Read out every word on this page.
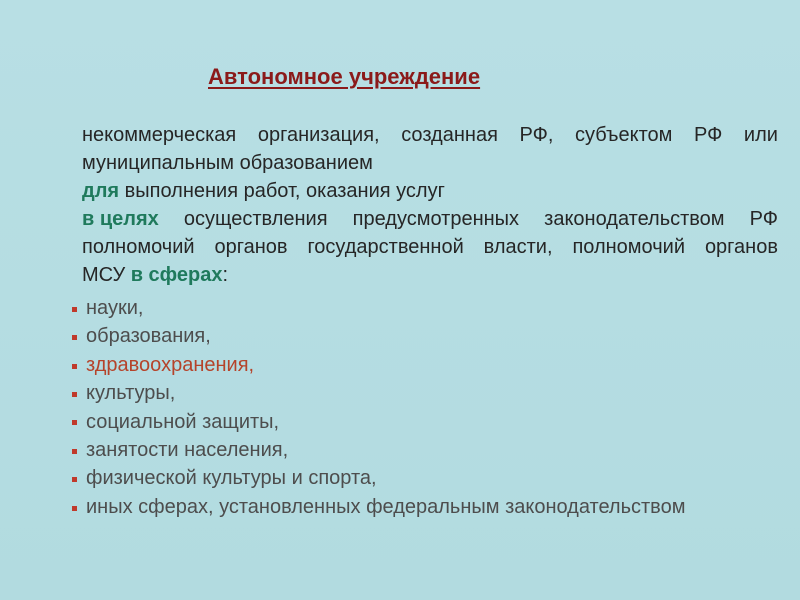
Автономное учреждение
некоммерческая организация, созданная РФ, субъектом РФ или
муниципальным образованием
для выполнения работ, оказания услуг
в целях осуществления предусмотренных законодательством РФ
полномочий органов государственной власти, полномочий органов
МСУ в сферах:
науки,
образования,
здравоохранения,
культуры,
социальной защиты,
занятости населения,
физической культуры и спорта,
иных сферах, установленных федеральным законодательством
